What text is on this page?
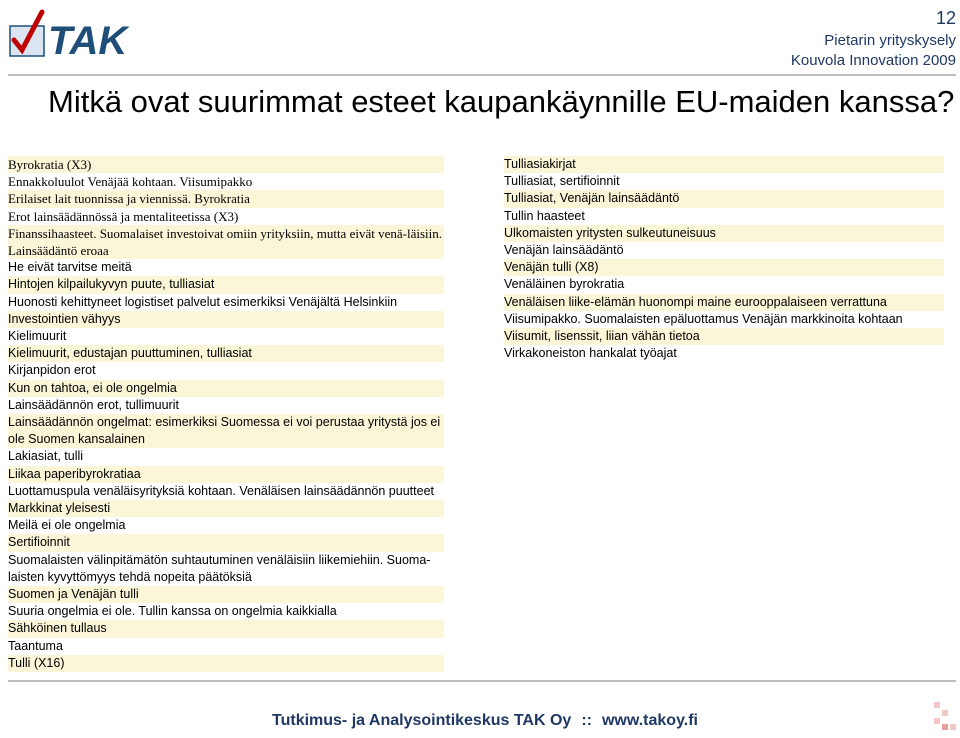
TAK
12
Pietarin yrityskysely
Kouvola Innovation 2009
Mitkä ovat suurimmat esteet kaupankäynnille EU-maiden kanssa?
Byrokratia (X3)
Ennakkoluulot Venäjää kohtaan. Viisumipakko
Erilaiset lait tuonnissa ja viennissä. Byrokratia
Erot lainsäädännössä ja mentaliteetissa (X3)
Finanssihaasteet. Suomalaiset investoivat omiin yrityksiin, mutta eivät venä-läisiin. Lainsäädäntö eroaa
He eivät tarvitse meitä
Hintojen kilpailukyvyn puute, tulliasiat
Huonosti kehittyneet logistiset palvelut esimerkiksi Venäjältä Helsinkiin
Investointien vähyys
Kielimuurit
Kielimuurit, edustajan puuttuminen, tulliasiat
Kirjanpidon erot
Kun on tahtoa, ei ole ongelmia
Lainsäädännön erot, tullimuurit
Lainsäädännön ongelmat: esimerkiksi Suomessa ei voi perustaa yritystä jos ei ole Suomen kansalainen
Lakiasiat, tulli
Liikaa paperibyrokratiaa
Luottamuspula venäläisyrityksiä kohtaan. Venäläisen lainsäädännön puutteet
Markkinat yleisesti
Meilä ei ole ongelmia
Sertifioinnit
Suomalaisten välinpitämätön suhtautuminen venäläisiin liikemiehiin. Suoma-laisten kyvyttömyys tehdä nopeita päätöksiä
Suomen ja Venäjän tulli
Suuria ongelmia ei ole. Tullin kanssa on ongelmia kaikkialla
Sähköinen tullaus
Taantuma
Tulli (X16)
Tulliasiakirjat
Tulliasiat, sertifioinnit
Tulliasiat, Venäjän lainsäädäntö
Tullin haasteet
Ulkomaisten yritysten sulkeutuneisuus
Venäjän lainsäädäntö
Venäjän tulli (X8)
Venäläinen byrokratia
Venäläisen liike-elämän huonompi maine eurooppalaiseen verrattuna
Viisumipakko. Suomalaisten epäluottamus Venäjän markkinoita kohtaan
Viisumit, lisenssit, liian vähän tietoa
Virkakoneiston hankalat työajat
Tutkimus- ja Analysointikeskus TAK Oy :: www.takoy.fi
